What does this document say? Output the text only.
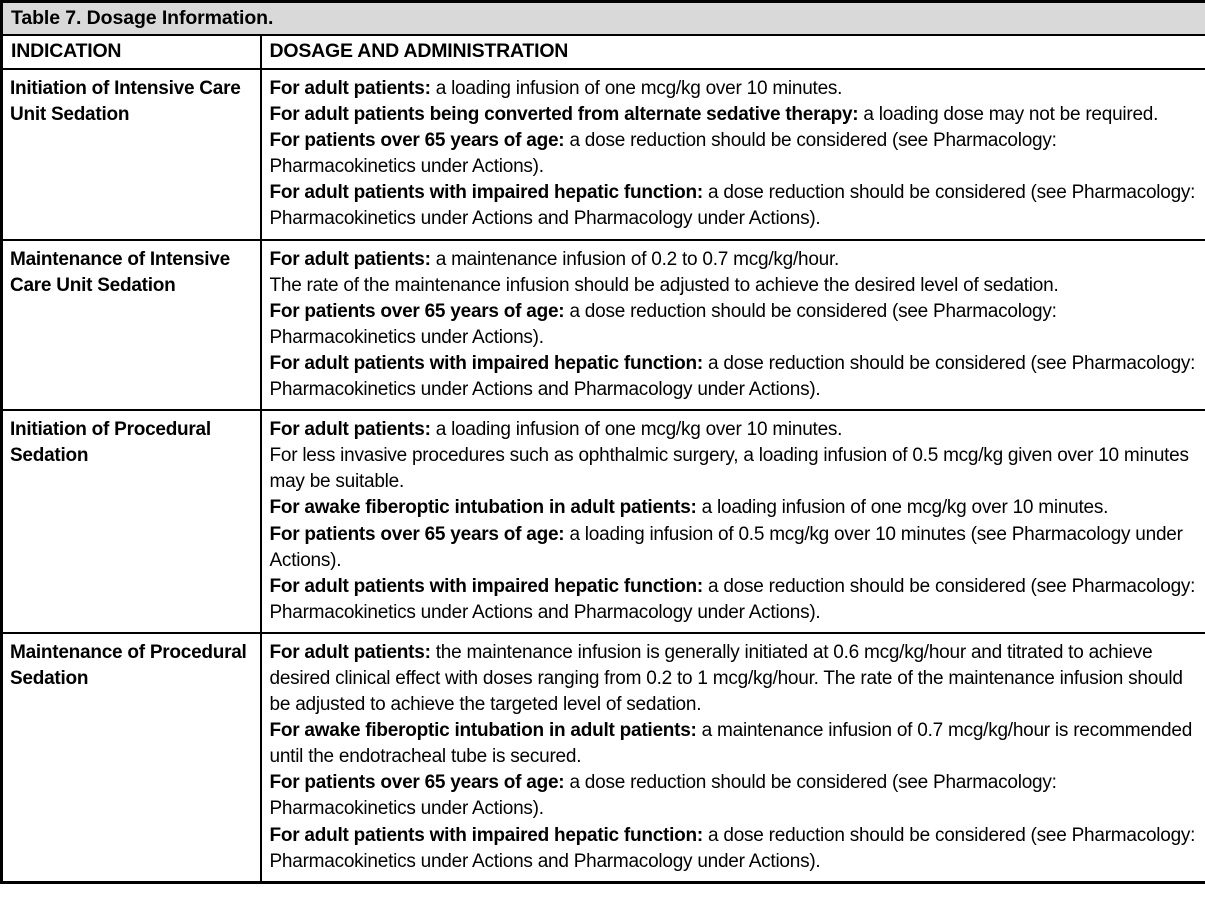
Table 7. Dosage Information.	
INDICATION	DOSAGE AND ADMINISTRATION

Initiation of Intensive Care Unit Sedation	For adult patients: a loading infusion of one mcg/kg over 10 minutes.

For adult patients being converted from alternate sedative therapy: a loading dose may not be required.

For patients over 65 years of age: a dose reduction should be considered (see Pharmacology: Pharmacokinetics under Actions).

For adult patients with impaired hepatic function: a dose reduction should be considered (see Pharmacology: Pharmacokinetics under Actions and Pharmacology under Actions).

Maintenance of Intensive Care Unit Sedation	For adult patients: a maintenance infusion of 0.2 to 0.7 mcg/kg/hour.

The rate of the maintenance infusion should be adjusted to achieve the desired level of sedation.

For patients over 65 years of age: a dose reduction should be considered (see Pharmacology: Pharmacokinetics under Actions).

For adult patients with impaired hepatic function: a dose reduction should be considered (see Pharmacology: Pharmacokinetics under Actions and Pharmacology under Actions).

Initiation of Procedural Sedation	For adult patients: a loading infusion of one mcg/kg over 10 minutes.

For less invasive procedures such as ophthalmic surgery, a loading infusion of 0.5 mcg/kg given over 10 minutes may be suitable.

For awake fiberoptic intubation in adult patients: a loading infusion of one mcg/kg over 10 minutes.

For patients over 65 years of age: a loading infusion of 0.5 mcg/kg over 10 minutes (see Pharmacology under Actions).

For adult patients with impaired hepatic function: a dose reduction should be considered (see Pharmacology: Pharmacokinetics under Actions and Pharmacology under Actions).

Maintenance of Procedural Sedation	For adult patients: the maintenance infusion is generally initiated at 0.6 mcg/kg/hour and titrated to achieve desired clinical effect with doses ranging from 0.2 to 1 mcg/kg/hour. The rate of the maintenance infusion should be adjusted to achieve the targeted level of sedation.

For awake fiberoptic intubation in adult patients: a maintenance infusion of 0.7 mcg/kg/hour is recommended until the endotracheal tube is secured.

For patients over 65 years of age: a dose reduction should be considered (see Pharmacology: Pharmacokinetics under Actions).

For adult patients with impaired hepatic function: a dose reduction should be considered (see Pharmacology: Pharmacokinetics under Actions and Pharmacology under Actions).
